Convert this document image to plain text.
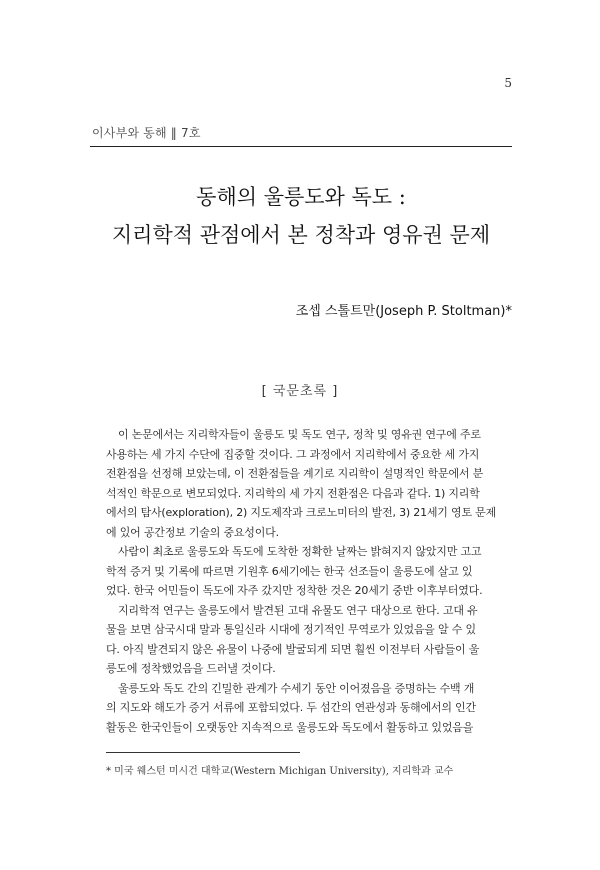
5
이사부와 동해 ‖ 7호
동해의 울릉도와 독도 :
지리학적 관점에서 본 정착과 영유권 문제
조셉 스톨트만(Joseph P. Stoltman)*
[ 국문초록 ]
이 논문에서는 지리학자들이 울릉도 및 독도 연구, 정착 및 영유권 연구에 주로
사용하는 세 가지 수단에 집중할 것이다. 그 과정에서 지리학에서 중요한 세 가지
전환점을 선정해 보았는데, 이 전환점들을 계기로 지리학이 설명적인 학문에서 분
석적인 학문으로 변모되었다. 지리학의 세 가지 전환점은 다음과 같다. 1) 지리학
에서의 탐사(exploration), 2) 지도제작과 크로노미터의 발전, 3) 21세기 영토 문제
에 있어 공간정보 기술의 중요성이다.
사람이 최초로 울릉도와 독도에 도착한 정확한 날짜는 밝혀지지 않았지만 고고
학적 증거 및 기록에 따르면 기원후 6세기에는 한국 선조들이 울릉도에 살고 있
었다. 한국 어민들이 독도에 자주 갔지만 정착한 것은 20세기 중반 이후부터였다.
지리학적 연구는 울릉도에서 발견된 고대 유물도 연구 대상으로 한다. 고대 유
물을 보면 삼국시대 말과 통일신라 시대에 정기적인 무역로가 있었음을 알 수 있
다. 아직 발견되지 않은 유물이 나중에 발굴되게 되면 훨씬 이전부터 사람들이 울
릉도에 정착했었음을 드러낼 것이다.
울릉도와 독도 간의 긴밀한 관계가 수세기 동안 이어졌음을 증명하는 수백 개
의 지도와 해도가 증거 서류에 포함되었다. 두 섬간의 연관성과 동해에서의 인간
활동은 한국인들이 오랫동안 지속적으로 울릉도와 독도에서 활동하고 있었음을
* 미국 웨스턴 미시건 대학교(Western Michigan University), 지리학과 교수
